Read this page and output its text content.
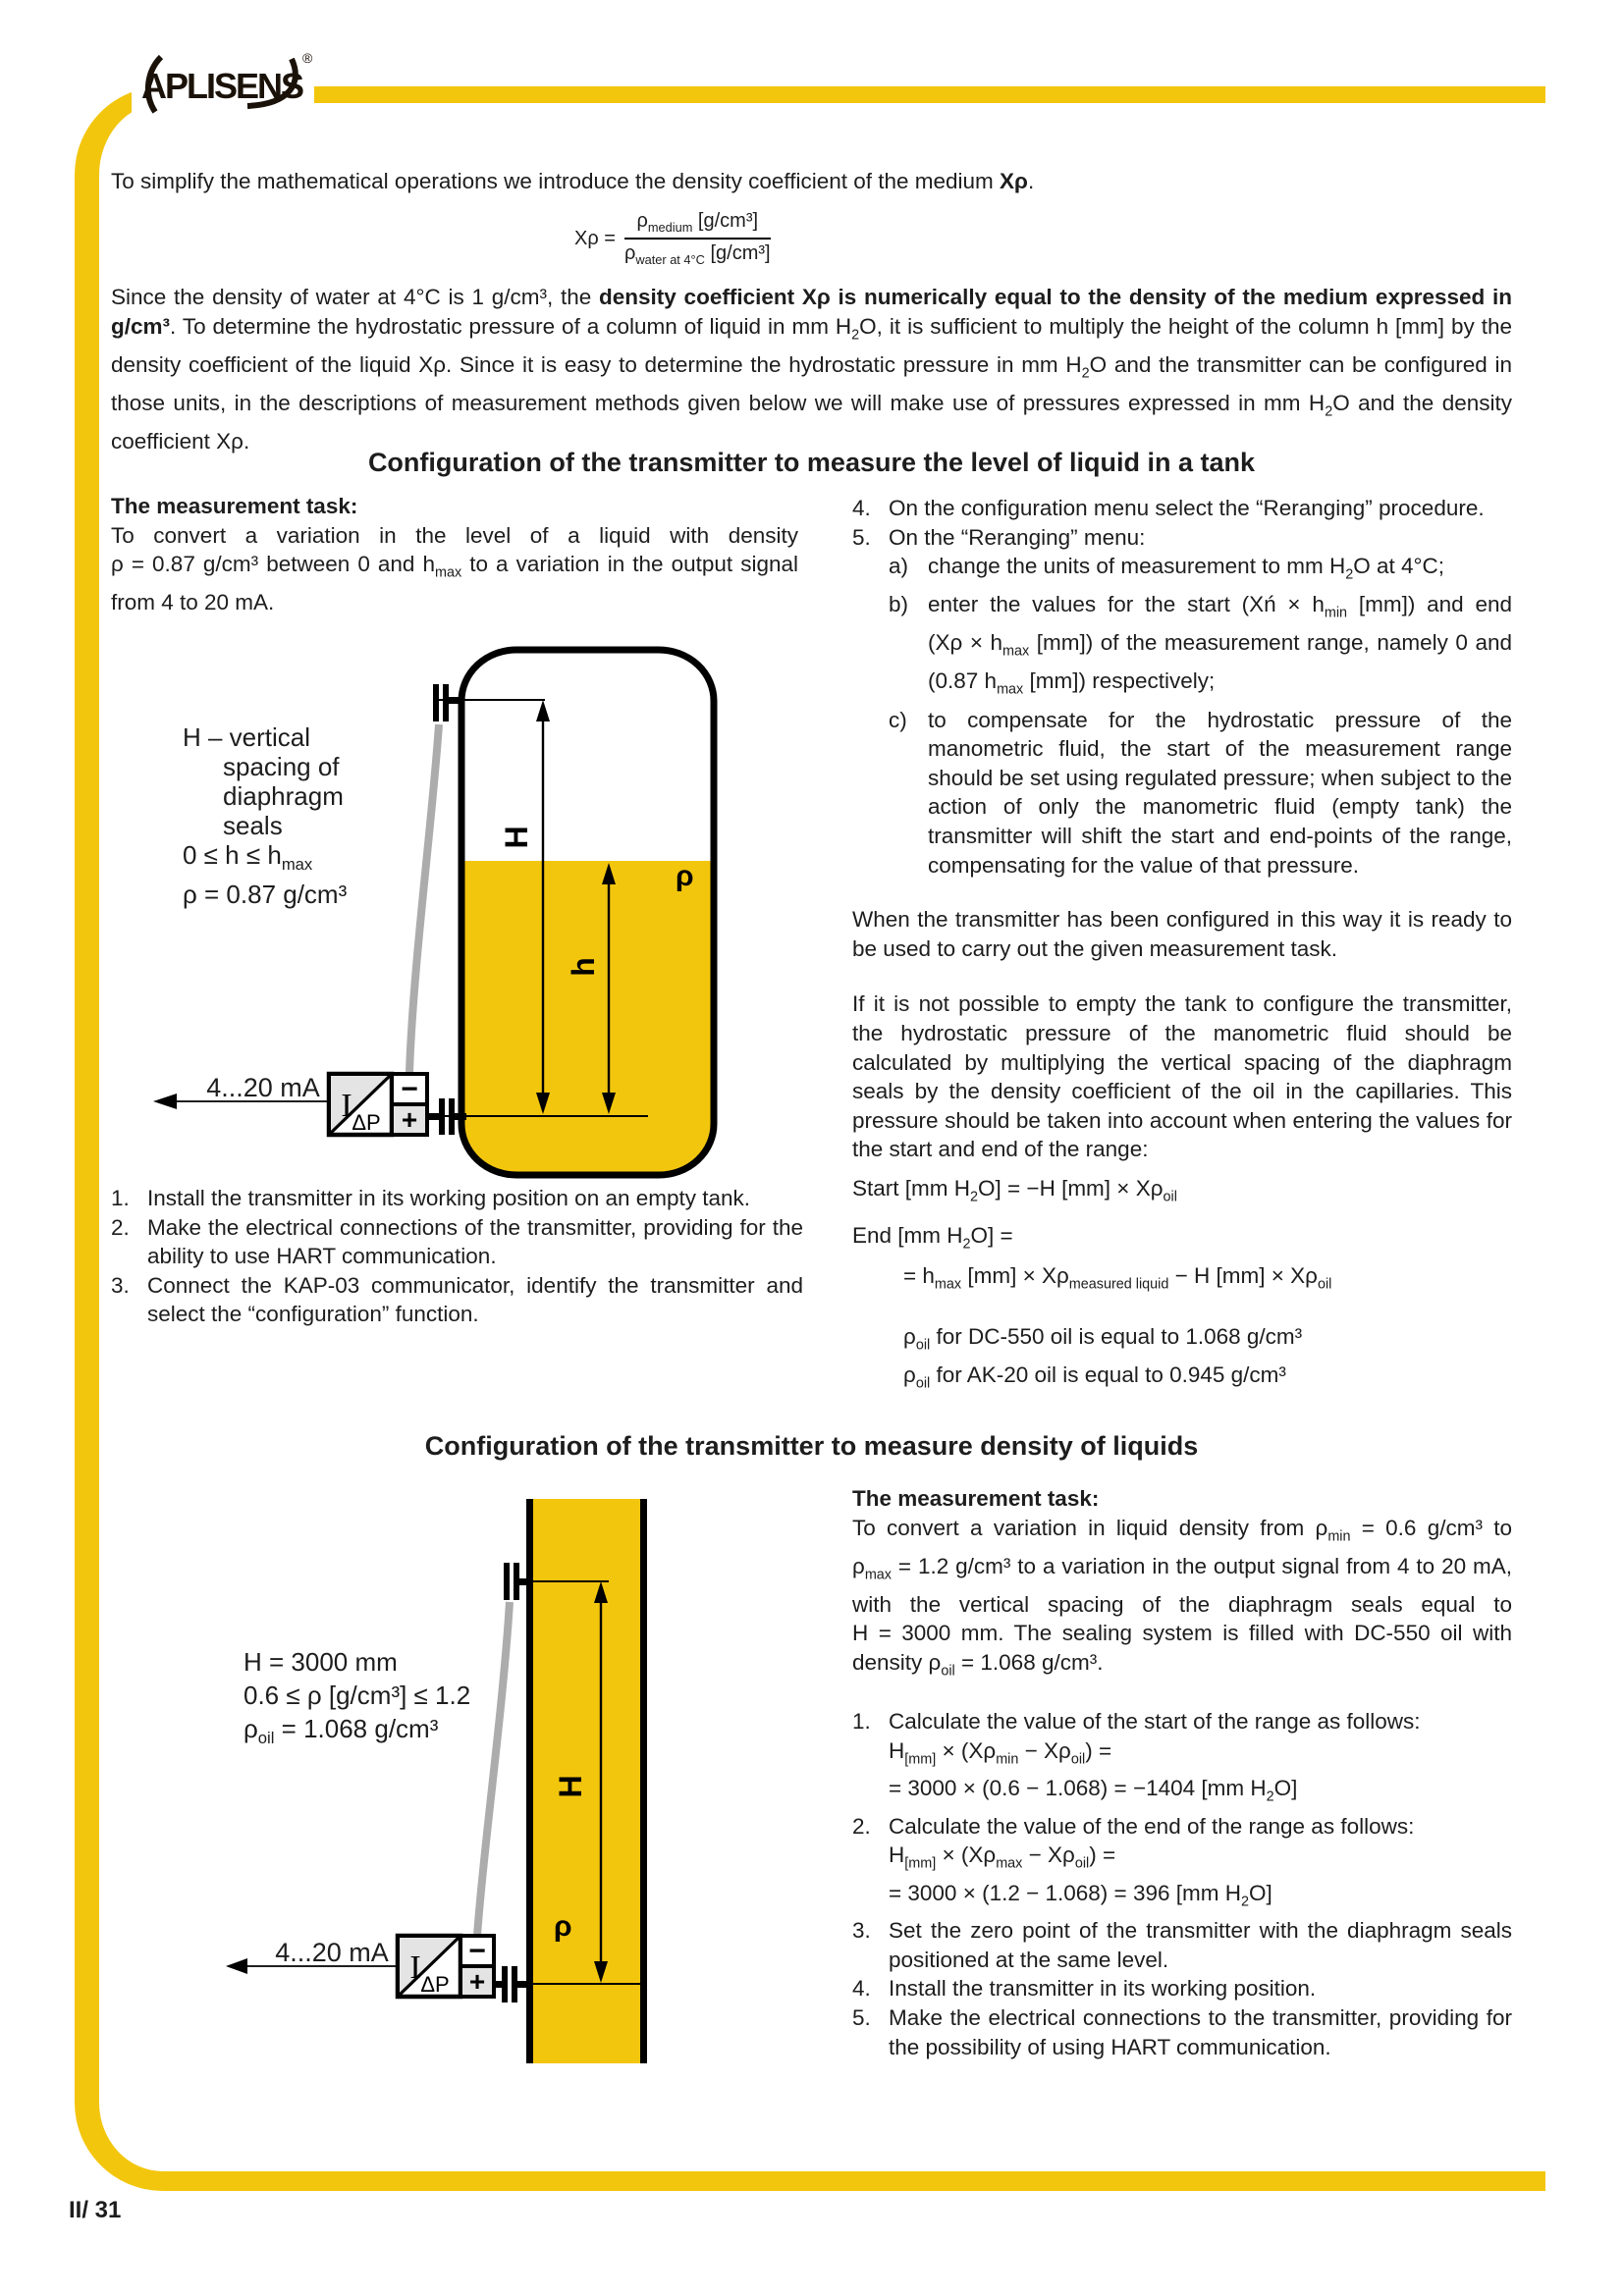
APLISENS
®
To simplify the mathematical operations we introduce the density coefficient of the medium Xρ.
$X\rho = \frac{\rho_{medium} [g/cm^3]}{\rho_{water at 4^\circ C} [g/cm^3]}$
Since the density of water at 4°C is 1 g/cm³, the density coefficient Xρ is numerically equal to the density of the medium expressed in g/cm³. To determine the hydrostatic pressure of a column of liquid in mm $H_2O$, it is sufficient to multiply the height of the column h [mm] by the density coefficient of the liquid Xρ. Since it is easy to determine the hydrostatic pressure in mm $H_2O$ and the transmitter can be configured in those units, in the descriptions of measurement methods given below we will make use of pressures expressed in mm $H_2O$ and the density coefficient Xρ.
Configuration of the transmitter to measure the level of liquid in a tank
The measurement task:
To convert a variation in the level of a liquid with density ρ = 0.87 g/cm³ between 0 and $h_{max}$ to a variation in the output signal from 4 to 20 mA.
4. On the configuration menu select the “Reranging” procedure.
5. On the “Reranging” menu:
a) change the units of measurement to mm $H_2O$ at 4°C;
b) enter the values for the start (Xń × $h_{min}$ [mm]) and end ($X\rho \times h_{max}$ [mm]) of the measurement range, namely 0 and (0.87 $h_{max}$ [mm]) respectively;
c) to compensate for the hydrostatic pressure of the manometric fluid, the start of the measurement range should be set using regulated pressure; when subject to the action of only the manometric fluid (empty tank) the transmitter will shift the start and end-points of the range, compensating for the value of that pressure.
When the transmitter has been configured in this way it is ready to be used to carry out the given measurement task.
If it is not possible to empty the tank to configure the transmitter, the hydrostatic pressure of the manometric fluid should be calculated by multiplying the vertical spacing of the diaphragm seals by the density coefficient of the oil in the capillaries. This pressure should be taken into account when entering the values for the start and end of the range:
Start [mm $H_2O] = -H$ $[mm] \times X\rho_{oil}$
End [mm $H_2O$] =
= $h_{max}$ $[mm] \times X\rho_{measured liquid} - H$ $[mm] \times X\rho_{oil}$
$\rho_{oil}$ for DC-550 oil is equal to 1.068 g/cm³
$\rho_{oil}$ for AK-20 oil is equal to 0.945 g/cm³
H
h
ρ
I ΔP
−
+
H – vertical
spacing of
diaphragm
seals
$0 \le h \le h_{max}$
ρ = 0.87 g/cm³
4...20 mA
1. Install the transmitter in its working position on an empty tank.
2. Make the electrical connections of the transmitter, providing for the ability to use HART communication.
3. Connect the KAP-03 communicator, identify the transmitter and select the “configuration” function.
Configuration of the transmitter to measure density of liquids
The measurement task:
To convert a variation in liquid density from $\rho_{min} = 0.6$ g/cm³ to $\rho_{max} = 1.2$ g/cm³ to a variation in the output signal from 4 to 20 mA, with the vertical spacing of the diaphragm seals equal to H = 3000 mm. The sealing system is filled with DC-550 oil with density $\rho_{oil} = 1.068$ g/cm³.
1. Calculate the value of the start of the range as follows:
$H_{[mm]} \times (X\rho_{min} - X\rho_{oil})$ =
= 3000 × (0.6 − 1.068) = −1404 [mm $H_2O$]
2. Calculate the value of the end of the range as follows:
$H_{[mm]} \times (X\rho_{max} - X\rho_{oil})$ =
= 3000 × (1.2 − 1.068) = 396 [mm $H_2O$]
3. Set the zero point of the transmitter with the diaphragm seals positioned at the same level.
4. Install the transmitter in its working position.
5. Make the electrical connections to the transmitter, providing for the possibility of using HART communication.
H
ρ
I ΔP
−
+
H = 3000 mm
0.6 ≤ ρ [g/cm³] ≤ 1.2
$\rho_{oil} = 1.068$ g/cm³
4...20 mA
II/ 31
